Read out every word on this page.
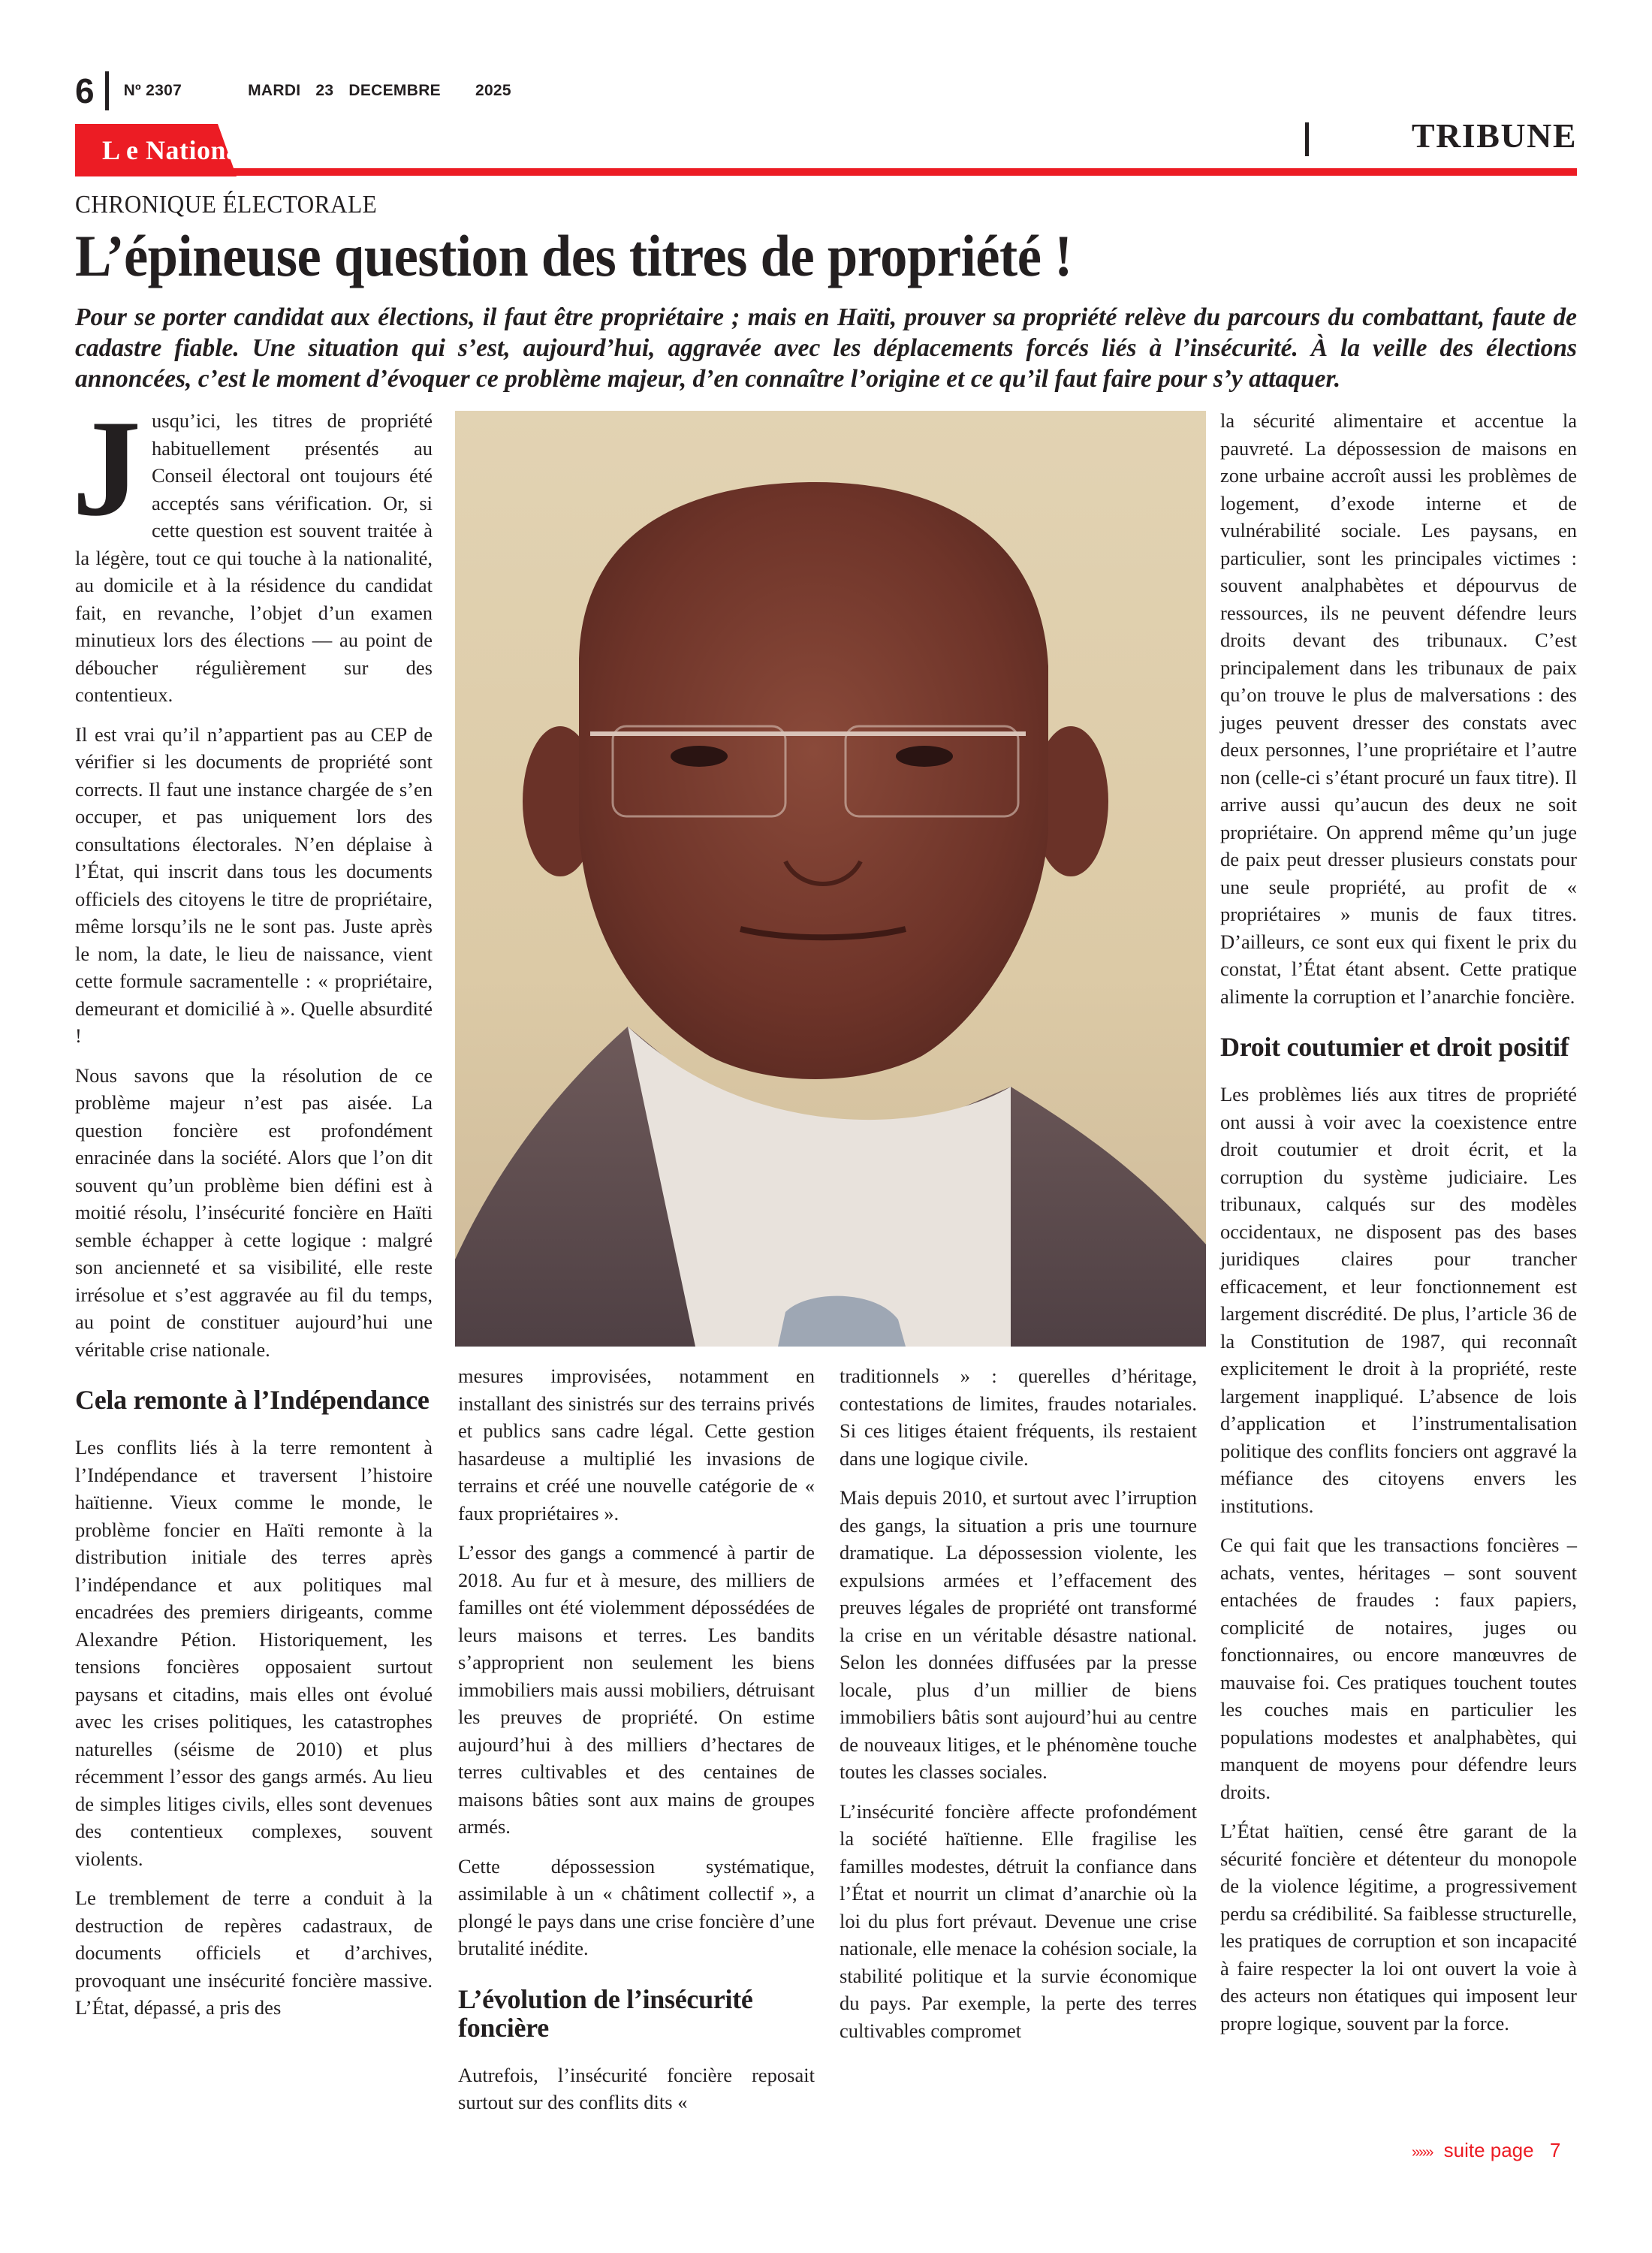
6 Nº 2307	MARDI 23 DECEMBRE 2025
L e National	TRIBUNE
CHRONIQUE ÉLECTORALE
L’épineuse question des titres de propriété !

Pour se porter candidat aux élections, il faut être propriétaire ; mais en Haïti, prouver sa propriété relève du parcours du combattant, faute de cadastre fiable. Une situation qui s’est, aujourd’hui, aggravée avec les déplacements forcés liés à l’insécurité. À la veille des élections annoncées, c’est le moment d’évoquer ce problème majeur, d’en connaître l’origine et ce qu’il faut faire pour s’y attaquer.

Jusqu’ici, les titres de propriété habituellement présentés au Conseil électoral ont toujours été acceptés sans vérification. Or, si cette question est souvent traitée à la légère, tout ce qui touche à la nationalité, au domicile et à la résidence du candidat fait, en revanche, l’objet d’un examen minutieux lors des élections — au point de déboucher régulièrement sur des contentieux.

Il est vrai qu’il n’appartient pas au CEP de vérifier si les documents de propriété sont corrects. Il faut une instance chargée de s’en occuper, et pas uniquement lors des consultations électorales. N’en déplaise à l’État, qui inscrit dans tous les documents officiels des citoyens le titre de propriétaire, même lorsqu’ils ne le sont pas. Juste après le nom, la date, le lieu de naissance, vient cette formule sacramentelle : « propriétaire, demeurant et domicilié à ». Quelle absurdité !

Nous savons que la résolution de ce problème majeur n’est pas aisée. La question foncière est profondément enracinée dans la société. Alors que l’on dit souvent qu’un problème bien défini est à moitié résolu, l’insécurité foncière en Haïti semble échapper à cette logique : malgré son ancienneté et sa visibilité, elle reste irrésolue et s’est aggravée au fil du temps, au point de constituer aujourd’hui une véritable crise nationale.

Cela remonte à l’Indépendance

Les conflits liés à la terre remontent à l’Indépendance et traversent l’histoire haïtienne. Vieux comme le monde, le problème foncier en Haïti remonte à la distribution initiale des terres après l’indépendance et aux politiques mal encadrées des premiers dirigeants, comme Alexandre Pétion. Historiquement, les tensions foncières opposaient surtout paysans et citadins, mais elles ont évolué avec les crises politiques, les catastrophes naturelles (séisme de 2010) et plus récemment l’essor des gangs armés. Au lieu de simples litiges civils, elles sont devenues des contentieux complexes, souvent violents.

Le tremblement de terre a conduit à la destruction de repères cadastraux, de documents officiels et d’archives, provoquant une insécurité foncière massive. L’État, dépassé, a pris des

mesures improvisées, notamment en installant des sinistrés sur des terrains privés et publics sans cadre légal. Cette gestion hasardeuse a multiplié les invasions de terrains et créé une nouvelle catégorie de « faux propriétaires ».

L’essor des gangs a commencé à partir de 2018. Au fur et à mesure, des milliers de familles ont été violemment dépossédées de leurs maisons et terres. Les bandits s’approprient non seulement les biens immobiliers mais aussi mobiliers, détruisant les preuves de propriété. On estime aujourd’hui à des milliers d’hectares de terres cultivables et des centaines de maisons bâties sont aux mains de groupes armés.

Cette dépossession systématique, assimilable à un « châtiment collectif », a plongé le pays dans une crise foncière d’une brutalité inédite.

L’évolution de l’insécurité foncière

Autrefois, l’insécurité foncière reposait surtout sur des conflits dits «

traditionnels » : querelles d’héritage, contestations de limites, fraudes notariales. Si ces litiges étaient fréquents, ils restaient dans une logique civile.

Mais depuis 2010, et surtout avec l’irruption des gangs, la situation a pris une tournure dramatique. La dépossession violente, les expulsions armées et l’effacement des preuves légales de propriété ont transformé la crise en un véritable désastre national. Selon les données diffusées par la presse locale, plus d’un millier de biens immobiliers bâtis sont aujourd’hui au centre de nouveaux litiges, et le phénomène touche toutes les classes sociales.

L’insécurité foncière affecte profondément la société haïtienne. Elle fragilise les familles modestes, détruit la confiance dans l’État et nourrit un climat d’anarchie où la loi du plus fort prévaut. Devenue une crise nationale, elle menace la cohésion sociale, la stabilité politique et la survie économique du pays. Par exemple, la perte des terres cultivables compromet

la sécurité alimentaire et accentue la pauvreté. La dépossession de maisons en zone urbaine accroît aussi les problèmes de logement, d’exode interne et de vulnérabilité sociale. Les paysans, en particulier, sont les principales victimes : souvent analphabètes et dépourvus de ressources, ils ne peuvent défendre leurs droits devant des tribunaux. C’est principalement dans les tribunaux de paix qu’on trouve le plus de malversations : des juges peuvent dresser des constats avec deux personnes, l’une propriétaire et l’autre non (celle-ci s’étant procuré un faux titre). Il arrive aussi qu’aucun des deux ne soit propriétaire. On apprend même qu’un juge de paix peut dresser plusieurs constats pour une seule propriété, au profit de « propriétaires » munis de faux titres. D’ailleurs, ce sont eux qui fixent le prix du constat, l’État étant absent. Cette pratique alimente la corruption et l’anarchie foncière.

Droit coutumier et droit positif

Les problèmes liés aux titres de propriété ont aussi à voir avec la coexistence entre droit coutumier et droit écrit, et la corruption du système judiciaire. Les tribunaux, calqués sur des modèles occidentaux, ne disposent pas des bases juridiques claires pour trancher efficacement, et leur fonctionnement est largement discrédité. De plus, l’article 36 de la Constitution de 1987, qui reconnaît explicitement le droit à la propriété, reste largement inappliqué. L’absence de lois d’application et l’instrumentalisation politique des conflits fonciers ont aggravé la méfiance des citoyens envers les institutions.

Ce qui fait que les transactions foncières – achats, ventes, héritages – sont souvent entachées de fraudes : faux papiers, complicité de notaires, juges ou fonctionnaires, ou encore manœuvres de mauvaise foi. Ces pratiques touchent toutes les couches mais en particulier les populations modestes et analphabètes, qui manquent de moyens pour défendre leurs droits.

L’État haïtien, censé être garant de la sécurité foncière et détenteur du monopole de la violence légitime, a progressivement perdu sa crédibilité. Sa faiblesse structurelle, les pratiques de corruption et son incapacité à faire respecter la loi ont ouvert la voie à des acteurs non étatiques qui imposent leur propre logique, souvent par la force.

»»» suite page 7
